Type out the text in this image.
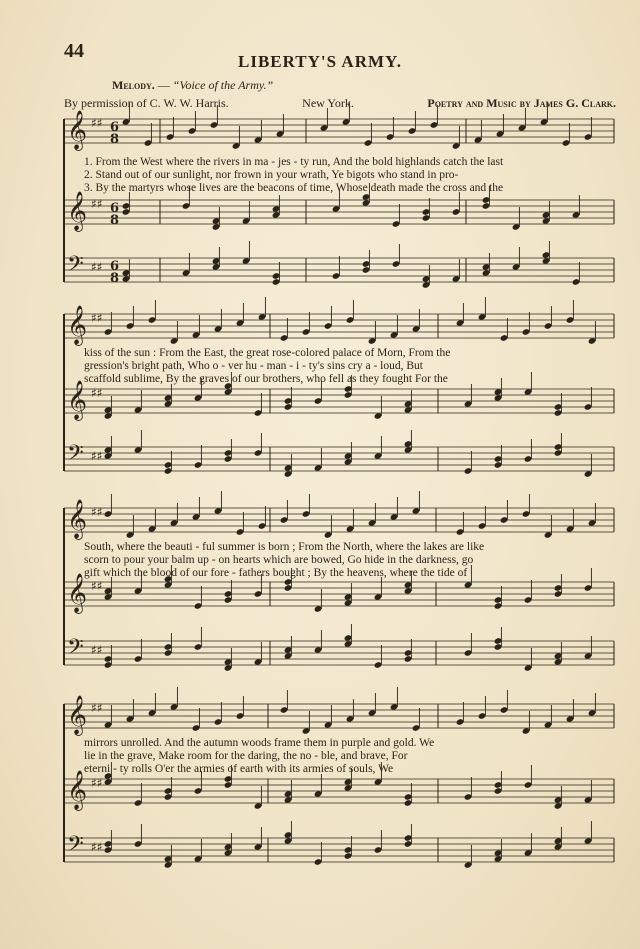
44	LIBERTY'S ARMY.
Melody. — “Voice of the Army.”
By permission of C. W. W. Harris.	New York.	Poetry and Music by James G. Clark.
𝄞 ♯♯ 6
8
𝄞 ♯♯ 6
8
𝄢 ♯♯ 6
8
𝄞 ♯♯
𝄞 ♯♯
𝄢 ♯♯
𝄞 ♯♯
𝄞 ♯♯
𝄢 ♯♯
𝄞 ♯♯
𝄞 ♯♯
𝄢 ♯♯
1. From the West where the rivers in ma - jes - ty run, And the bold highlands catch the last
2. Stand out of our sunlight, nor frown in your wrath, Ye bigots who stand in pro-
3. By the martyrs whose lives are the beacons of time, Whose death made the cross and the
kiss of the sun : From the East, the great rose-colored palace of Morn, From the
gression's bright path, Who o - ver hu - man - i - ty's sins cry a - loud, But
scaffold sublime, By the graves of our brothers, who fell as they fought For the
South, where the beauti - ful summer is born ; From the North, where the lakes are like
scorn to pour your balm up - on hearts which are bowed, Go hide in the darkness, go
gift which the blood of our fore - fathers bought ; By the heavens, where the tide of
mirrors unrolled. And the autumn woods frame them in purple and gold. We
lie in the grave, Make room for the daring, the no - ble, and brave, For
eterni - ty rolls O'er the armies of earth with its armies of souls, We
